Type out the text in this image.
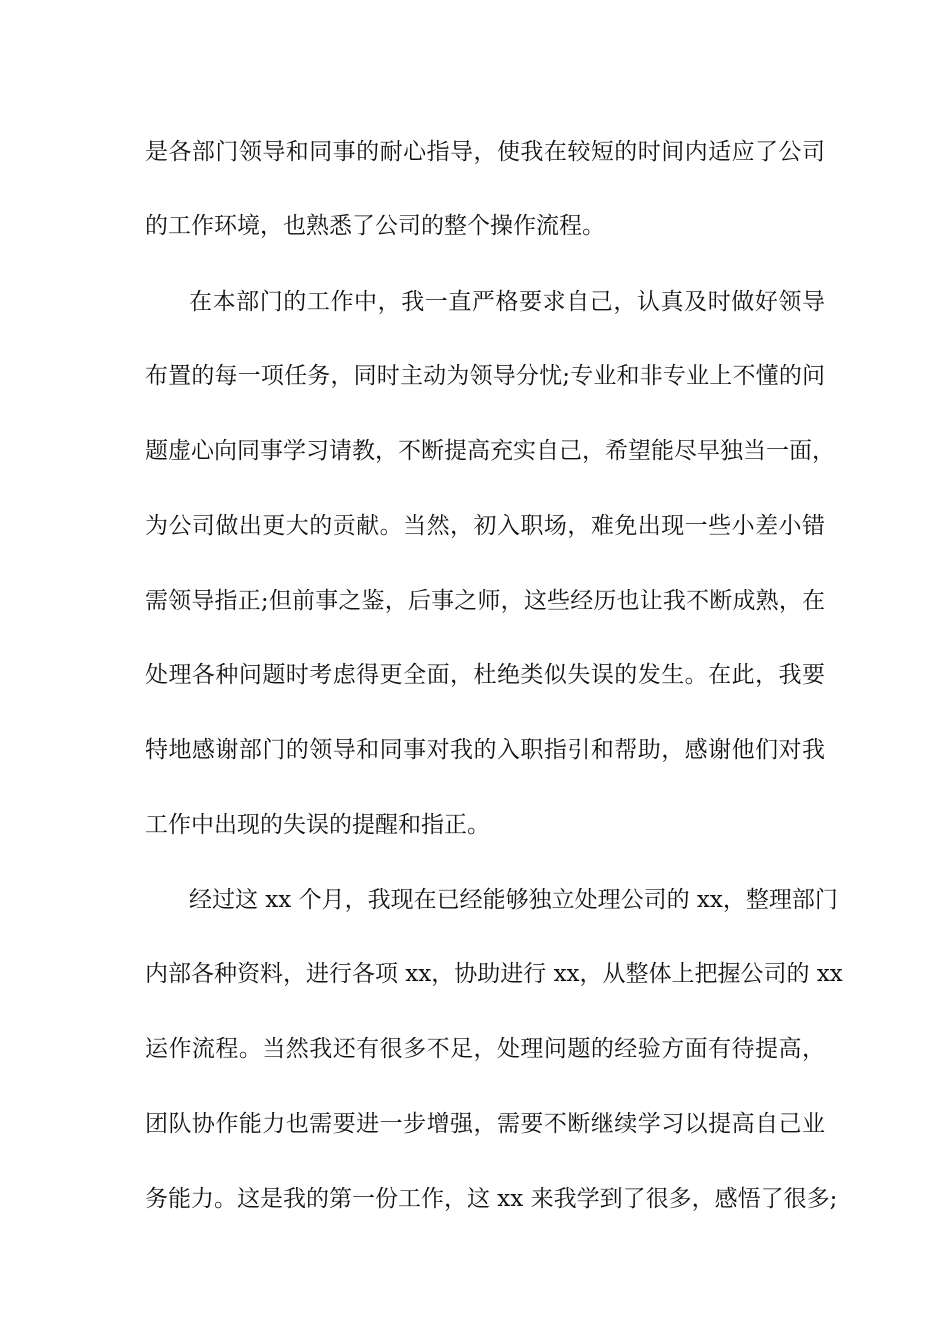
是各部门领导和同事的耐心指导，使我在较短的时间内适应了公司
的工作环境，也熟悉了公司的整个操作流程。
在本部门的工作中，我一直严格要求自己，认真及时做好领导
布置的每一项任务，同时主动为领导分忧;专业和非专业上不懂的问
题虚心向同事学习请教，不断提高充实自己，希望能尽早独当一面，
为公司做出更大的贡献。当然，初入职场，难免出现一些小差小错
需领导指正;但前事之鉴，后事之师，这些经历也让我不断成熟，在
处理各种问题时考虑得更全面，杜绝类似失误的发生。在此，我要
特地感谢部门的领导和同事对我的入职指引和帮助，感谢他们对我
工作中出现的失误的提醒和指正。
经过这 xx 个月，我现在已经能够独立处理公司的 xx，整理部门
内部各种资料，进行各项 xx，协助进行 xx，从整体上把握公司的 xx
运作流程。当然我还有很多不足，处理问题的经验方面有待提高，
团队协作能力也需要进一步增强，需要不断继续学习以提高自己业
务能力。这是我的第一份工作，这 xx 来我学到了很多，感悟了很多;
